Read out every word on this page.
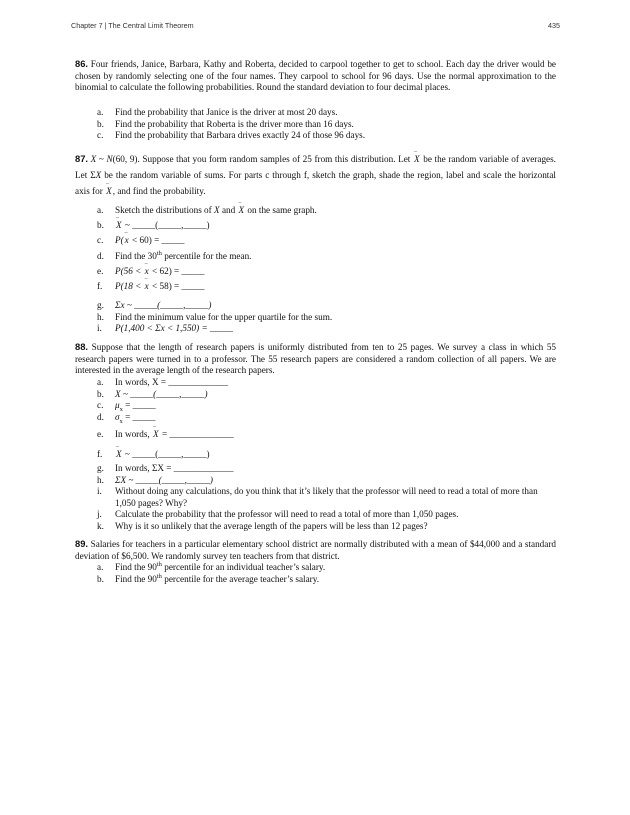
Chapter 7 | The Central Limit Theorem	435
86. Four friends, Janice, Barbara, Kathy and Roberta, decided to carpool together to get to school. Each day the driver would be chosen by randomly selecting one of the four names. They carpool to school for 96 days. Use the normal approximation to the binomial to calculate the following probabilities. Round the standard deviation to four decimal places.
a. Find the probability that Janice is the driver at most 20 days.
b. Find the probability that Roberta is the driver more than 16 days.
c. Find the probability that Barbara drives exactly 24 of those 96 days.
87. X ~ N(60, 9). Suppose that you form random samples of 25 from this distribution. Let – X be the random variable of averages. Let ΣX be the random variable of sums. For parts c through f, sketch the graph, shade the region, label and scale the horizontal axis for – X, and find the probability.
a. Sketch the distributions of X and – X on the same graph.
b. – X ~ _____(_____,_____)
c. P(– x < 60) = _____
d. Find the 30th percentile for the mean.
e. P(56 < – x < 62) = _____
f. P(18 < – x < 58) = _____
g. Σx ~ _____(_____,_____)
h. Find the minimum value for the upper quartile for the sum.
i. P(1,400 < Σx < 1,550) = _____
88. Suppose that the length of research papers is uniformly distributed from ten to 25 pages. We survey a class in which 55 research papers were turned in to a professor. The 55 research papers are considered a random collection of all papers. We are interested in the average length of the research papers.
a. In words, X = _____________
b. X ~ _____(_____,_____)
c. $\mu_x$ = _____
d. $\sigma_x$ = _____
e. In words, – X = ______________
f. – X ~ _____(_____,_____)
g. In words, ΣX = _____________
h. ΣX ~ _____(_____,_____)
i. Without doing any calculations, do you think that it’s likely that the professor will need to read a total of more than 1,050 pages? Why?
j. Calculate the probability that the professor will need to read a total of more than 1,050 pages.
k. Why is it so unlikely that the average length of the papers will be less than 12 pages?
89. Salaries for teachers in a particular elementary school district are normally distributed with a mean of $44,000 and a standard deviation of $6,500. We randomly survey ten teachers from that district.
a. Find the 90th percentile for an individual teacher’s salary.
b. Find the 90th percentile for the average teacher’s salary.
